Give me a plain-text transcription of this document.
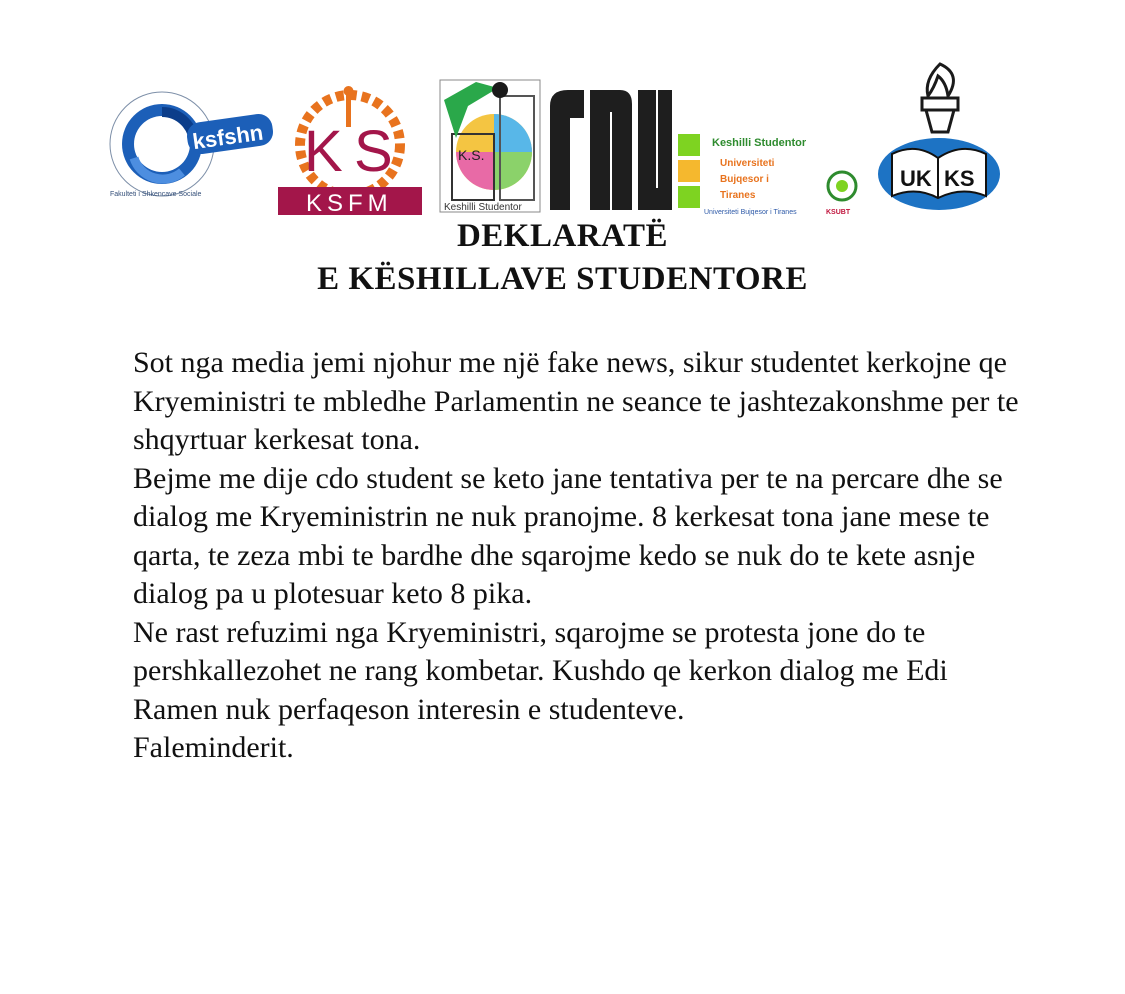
ksfshn
Fakulteti i Shkencave Sociale
K S
KSFM
K.S.
Keshilli Studentor
Keshilli Studentor
Universiteti
Bujqesor i
Tiranes
Universiteti Bujqesor i Tiranes	KSUBT
UK KS
DEKLARATË
E KËSHILLAVE STUDENTORE

Sot nga media jemi njohur me një fake news, sikur studentet kerkojne qe Kryeministri te mbledhe Parlamentin ne seance te jashtezakonshme per te shqyrtuar kerkesat tona.

Bejme me dije cdo student se keto jane tentativa per te na percare dhe se dialog me Kryeministrin ne nuk pranojme. 8 kerkesat tona jane mese te qarta, te zeza mbi te bardhe dhe sqarojme kedo se nuk do te kete asnje dialog pa u plotesuar keto 8 pika.

Ne rast refuzimi nga Kryeministri, sqarojme se protesta jone do te pershkallezohet ne rang kombetar. Kushdo qe kerkon dialog me Edi Ramen nuk perfaqeson interesin e studenteve.

Faleminderit.
